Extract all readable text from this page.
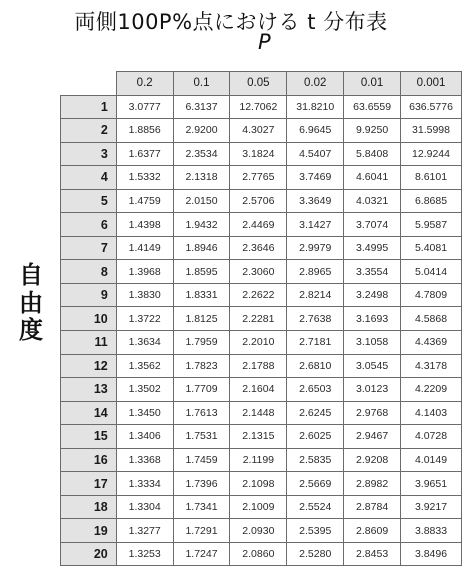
両側100P%点における t 分布表
P
自
由
度
	0.2	0.1	0.05	0.02	0.01	0.001
1	3.0777	6.3137	12.7062	31.8210	63.6559	636.5776
2	1.8856	2.9200	4.3027	6.9645	9.9250	31.5998
3	1.6377	2.3534	3.1824	4.5407	5.8408	12.9244
4	1.5332	2.1318	2.7765	3.7469	4.6041	8.6101
5	1.4759	2.0150	2.5706	3.3649	4.0321	6.8685
6	1.4398	1.9432	2.4469	3.1427	3.7074	5.9587
7	1.4149	1.8946	2.3646	2.9979	3.4995	5.4081
8	1.3968	1.8595	2.3060	2.8965	3.3554	5.0414
9	1.3830	1.8331	2.2622	2.8214	3.2498	4.7809
10	1.3722	1.8125	2.2281	2.7638	3.1693	4.5868
11	1.3634	1.7959	2.2010	2.7181	3.1058	4.4369
12	1.3562	1.7823	2.1788	2.6810	3.0545	4.3178
13	1.3502	1.7709	2.1604	2.6503	3.0123	4.2209
14	1.3450	1.7613	2.1448	2.6245	2.9768	4.1403
15	1.3406	1.7531	2.1315	2.6025	2.9467	4.0728
16	1.3368	1.7459	2.1199	2.5835	2.9208	4.0149
17	1.3334	1.7396	2.1098	2.5669	2.8982	3.9651
18	1.3304	1.7341	2.1009	2.5524	2.8784	3.9217
19	1.3277	1.7291	2.0930	2.5395	2.8609	3.8833
20	1.3253	1.7247	2.0860	2.5280	2.8453	3.8496
